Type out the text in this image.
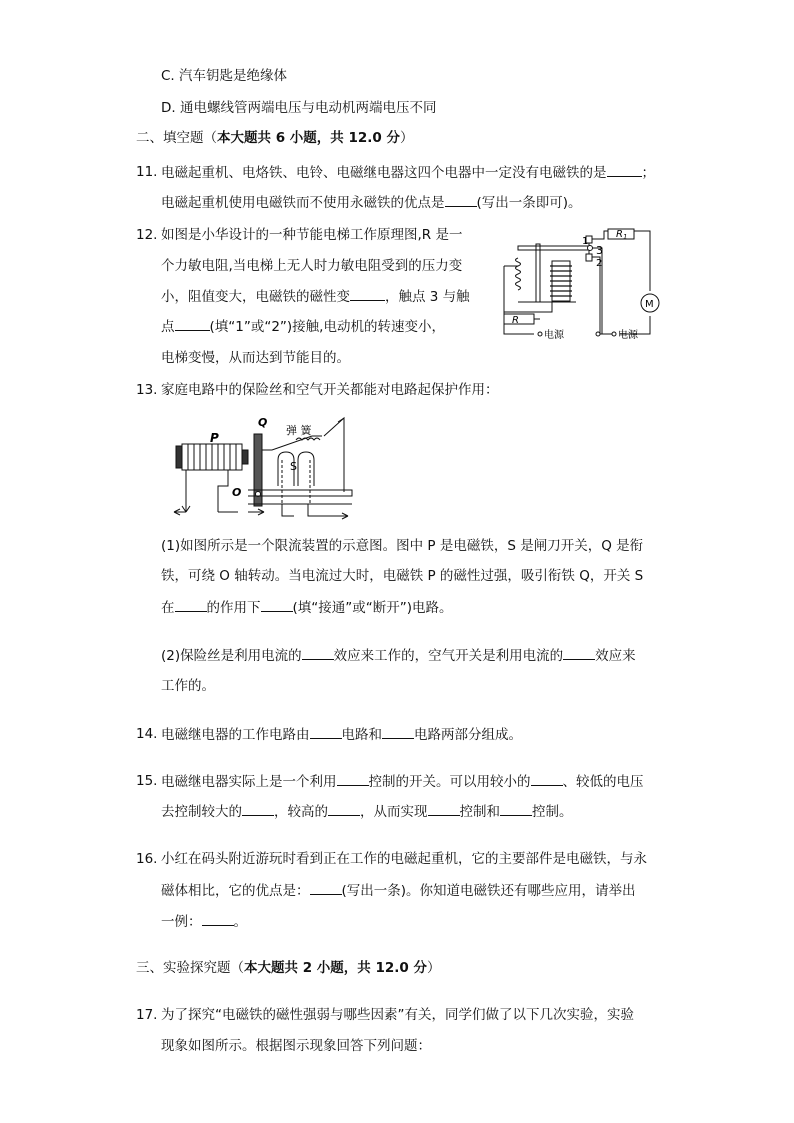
C. 汽车钥匙是绝缘体
D. 通电螺线管两端电压与电动机两端电压不同
二、填空题（本大题共 6 小题，共 12.0 分）
11. 电磁起重机、电烙铁、电铃、电磁继电器这四个电器中一定没有电磁铁的是	；
电磁起重机使用电磁铁而不使用永磁铁的优点是 (写出一条即可)。
12. 如图是小华设计的一种节能电梯工作原理图,R 是一
个力敏电阻,当电梯上无人时力敏电阻受到的压力变
小，阻值变大，电磁铁的磁性变	，触点 3 与触
点	(填“1”或“2”)接触,电动机的转速变小，
电梯变慢，从而达到节能目的。
1
3
2
$R_1$
R
M
电源	电源
13. 家庭电路中的保险丝和空气开关都能对电路起保护作用：
P
Q
弹 簧
S
O
(1)如图所示是一个限流装置的示意图。图中 P 是电磁铁，S 是闸刀开关，Q 是衔
铁，可绕 O 轴转动。当电流过大时，电磁铁 P 的磁性过强，吸引衔铁 Q，开关 S
在 的作用下 (填“接通”或“断开”)电路。
(2)保险丝是利用电流的 效应来工作的，空气开关是利用电流的 效应来
工作的。
14. 电磁继电器的工作电路由 电路和 电路两部分组成。
15. 电磁继电器实际上是一个利用 控制的开关。可以用较小的 、较低的电压
去控制较大的 ，较高的 ，从而实现 控制和 控制。
16. 小红在码头附近游玩时看到正在工作的电磁起重机，它的主要部件是电磁铁，与永
磁体相比，它的优点是： (写出一条)。你知道电磁铁还有哪些应用，请举出
一例： 。
三、实验探究题（本大题共 2 小题，共 12.0 分）
17. 为了探究“电磁铁的磁性强弱与哪些因素”有关，同学们做了以下几次实验，实验
现象如图所示。根据图示现象回答下列问题：
